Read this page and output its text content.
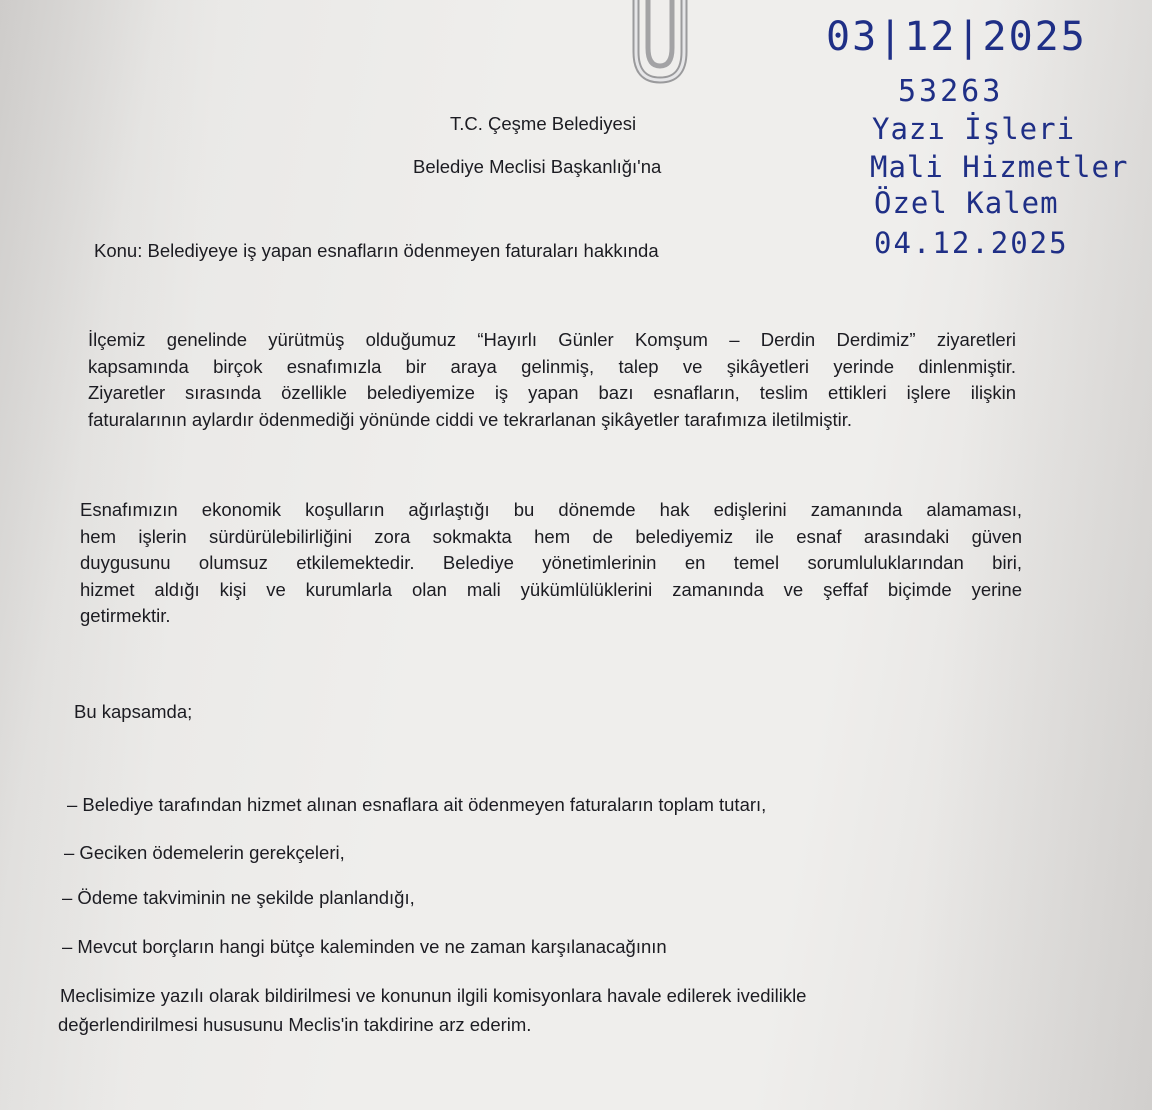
03|12|2025
53263
Yazı İşleri
Mali Hizmetler
Özel Kalem
04.12.2025
T.C. Çeşme Belediyesi
Belediye Meclisi Başkanlığı'na
Konu: Belediyeye iş yapan esnafların ödenmeyen faturaları hakkında
İlçemiz genelinde yürütmüş olduğumuz “Hayırlı Günler Komşum – Derdin Derdimiz” ziyaretleri
kapsamında birçok esnafımızla bir araya gelinmiş, talep ve şikâyetleri yerinde dinlenmiştir.
Ziyaretler sırasında özellikle belediyemize iş yapan bazı esnafların, teslim ettikleri işlere ilişkin
faturalarının aylardır ödenmediği yönünde ciddi ve tekrarlanan şikâyetler tarafımıza iletilmiştir.
Esnafımızın ekonomik koşulların ağırlaştığı bu dönemde hak edişlerini zamanında alamaması,
hem işlerin sürdürülebilirliğini zora sokmakta hem de belediyemiz ile esnaf arasındaki güven
duygusunu olumsuz etkilemektedir. Belediye yönetimlerinin en temel sorumluluklarından biri,
hizmet aldığı kişi ve kurumlarla olan mali yükümlülüklerini zamanında ve şeffaf biçimde yerine
getirmektir.
Bu kapsamda;
– Belediye tarafından hizmet alınan esnaflara ait ödenmeyen faturaların toplam tutarı,
– Geciken ödemelerin gerekçeleri,
– Ödeme takviminin ne şekilde planlandığı,
– Mevcut borçların hangi bütçe kaleminden ve ne zaman karşılanacağının
Meclisimize yazılı olarak bildirilmesi ve konunun ilgili komisyonlara havale edilerek ivedilikle
değerlendirilmesi hususunu Meclis'in takdirine arz ederim.
